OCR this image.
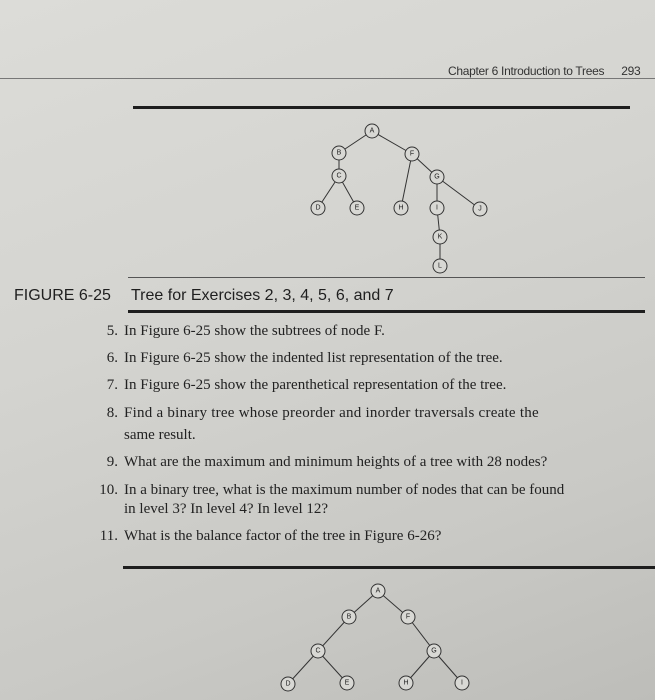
Chapter 6 Introduction to Trees 293
A
B
C
D	E
F
G
H	I	J
K
L
FIGURE 6-25 Tree for Exercises 2, 3, 4, 5, 6, and 7
5. In Figure 6-25 show the subtrees of node F.
6. In Figure 6-25 show the indented list representation of the tree.
7. In Figure 6-25 show the parenthetical representation of the tree.
8. Find a binary tree whose preorder and inorder traversals create the
same result.
9. What are the maximum and minimum heights of a tree with 28 nodes?
10. In a binary tree, what is the maximum number of nodes that can be found
in level 3? In level 4? In level 12?
11. What is the balance factor of the tree in Figure 6-26?
A
B
C
D	E
F
G
H	I
